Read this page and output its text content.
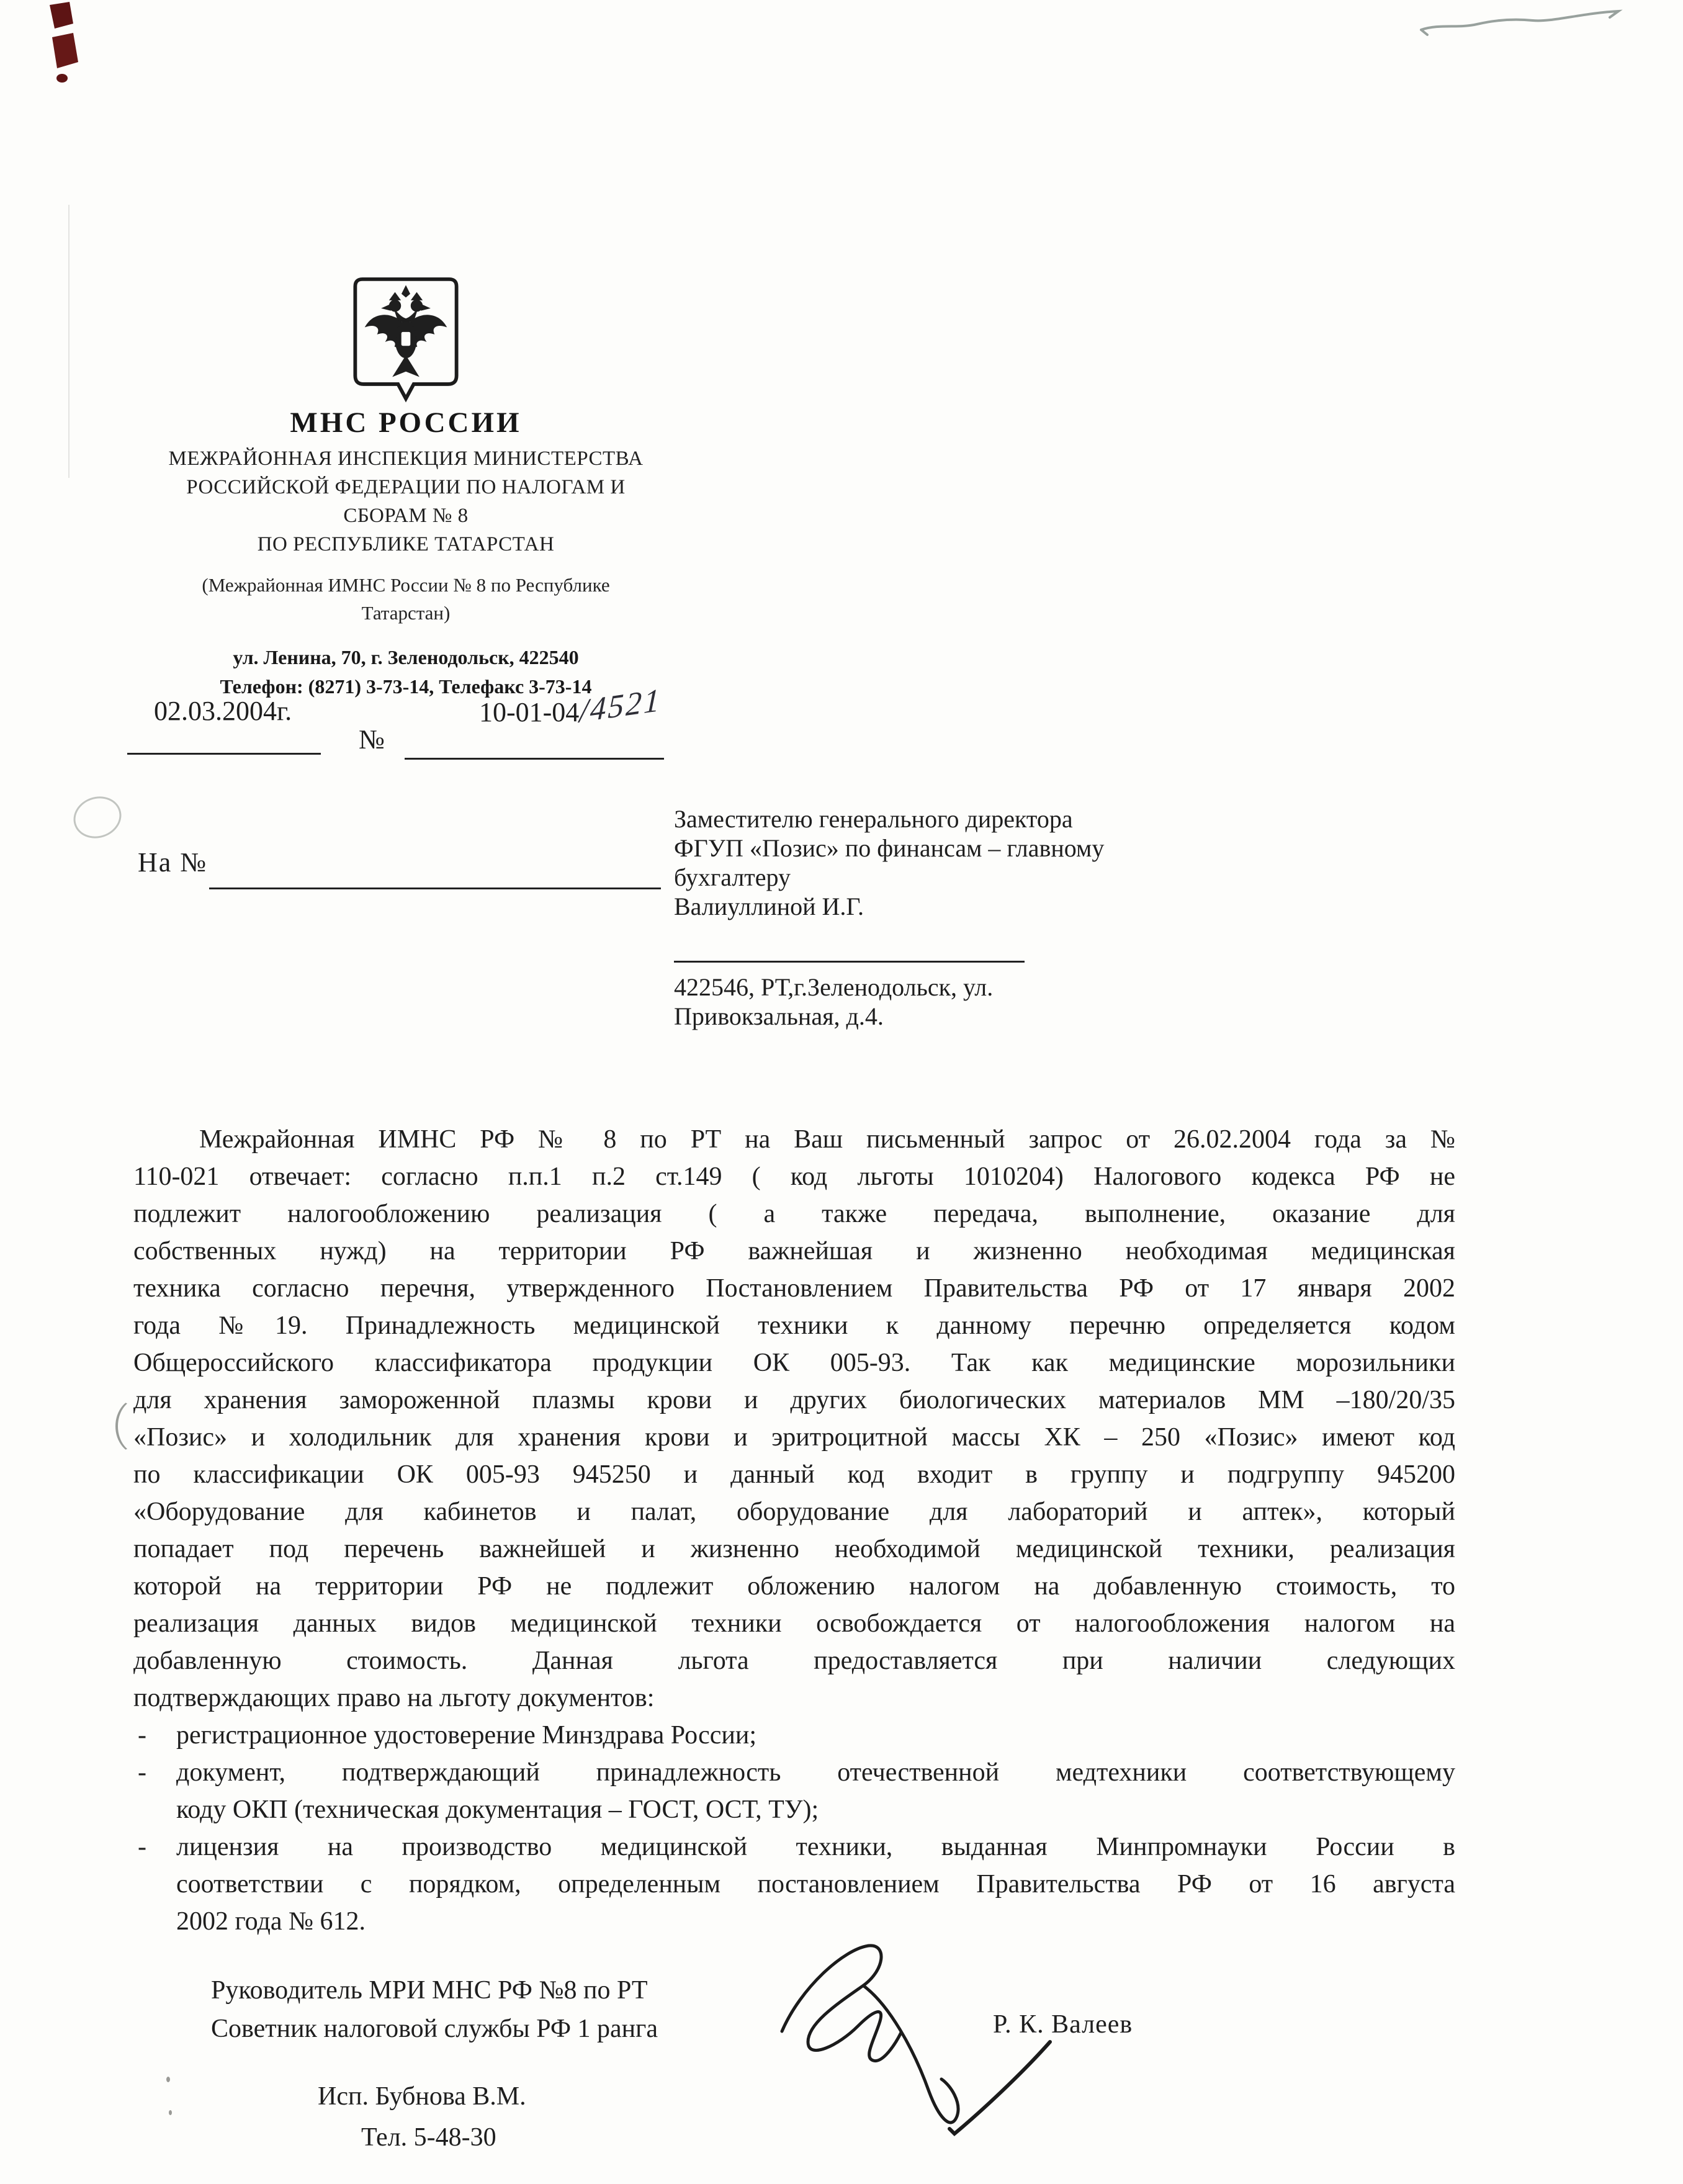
МНС РОССИИ
МЕЖРАЙОННАЯ ИНСПЕКЦИЯ МИНИСТЕРСТВА
РОССИЙСКОЙ ФЕДЕРАЦИИ ПО НАЛОГАМ И
СБОРАМ № 8
ПО РЕСПУБЛИКЕ ТАТАРСТАН
(Межрайонная ИМНС России № 8 по Республике
Татарстан)
ул. Ленина, 70, г. Зеленодольск, 422540
Телефон: (8271) 3-73-14, Телефакс 3-73-14
02.03.2004г.	10-01-04/4521
№
На №
Заместителю генерального директора
ФГУП «Позис» по финансам – главному
бухгалтеру
Валиуллиной И.Г.
422546, РТ,г.Зеленодольск, ул.
Привокзальная, д.4.
Межрайонная ИМНС РФ № 8 по РТ на Ваш письменный запрос от 26.02.2004 года за №
110-021 отвечает: согласно п.п.1 п.2 ст.149 ( код льготы 1010204) Налогового кодекса РФ не
подлежит налогообложению реализация ( а также передача, выполнение, оказание для
собственных нужд) на территории РФ важнейшая и жизненно необходимая медицинская
техника согласно перечня, утвержденного Постановлением Правительства РФ от 17 января 2002
года №19. Принадлежность медицинской техники к данному перечню определяется кодом
Общероссийского классификатора продукции ОК 005-93. Так как медицинские морозильники
для хранения замороженной плазмы крови и других биологических материалов ММ –180/20/35
«Позис» и холодильник для хранения крови и эритроцитной массы ХК – 250 «Позис» имеют код
по классификации ОК 005-93 945250 и данный код входит в группу и подгруппу 945200
«Оборудование для кабинетов и палат, оборудование для лабораторий и аптек», который
попадает под перечень важнейшей и жизненно необходимой медицинской техники, реализация
которой на территории РФ не подлежит обложению налогом на добавленную стоимость, то
реализация данных видов медицинской техники освобождается от налогообложения налогом на
добавленную стоимость. Данная льгота предоставляется при наличии следующих
подтверждающих право на льготу документов:
- регистрационное удостоверение Минздрава России;
- документ, подтверждающий принадлежность отечественной медтехники соответствующему
коду ОКП (техническая документация – ГОСТ, ОСТ, ТУ);
- лицензия на производство медицинской техники, выданная Минпромнауки России в
соответствии с порядком, определенным постановлением Правительства РФ от 16 августа
2002 года № 612.
Руководитель МРИ МНС РФ №8 по РТ
Советник налоговой службы РФ 1 ранга	Р. К. Валеев
Исп. Бубнова В.М.
Тел. 5-48-30
